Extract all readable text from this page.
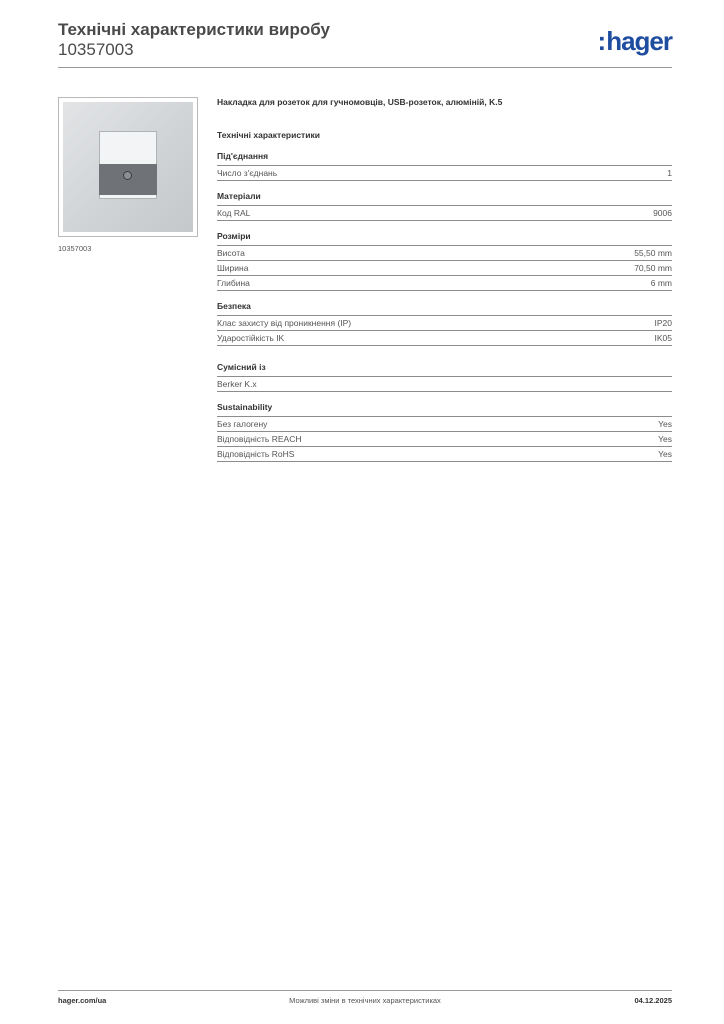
Технічні характеристики виробу
10357003	:hager
10357003

Накладка для розеток для гучномовців, USB-розеток, алюміній, K.5

Технічні характеристики

Під'єднання
Число з'єднань	1
Матеріали
Код RAL	9006
Розміри
Висота	55,50 mm
Ширина	70,50 mm
Глибина	6 mm
Безпека
Клас захисту від проникнення (IP)	IP20
Ударостійкість IK	IK05
Сумісний із
Berker K.x
Sustainability
Без галогену	Yes
Відповідність REACH	Yes
Відповідність RoHS	Yes
hager.com/ua	Можливі зміни в технічних характеристиках	04.12.2025
